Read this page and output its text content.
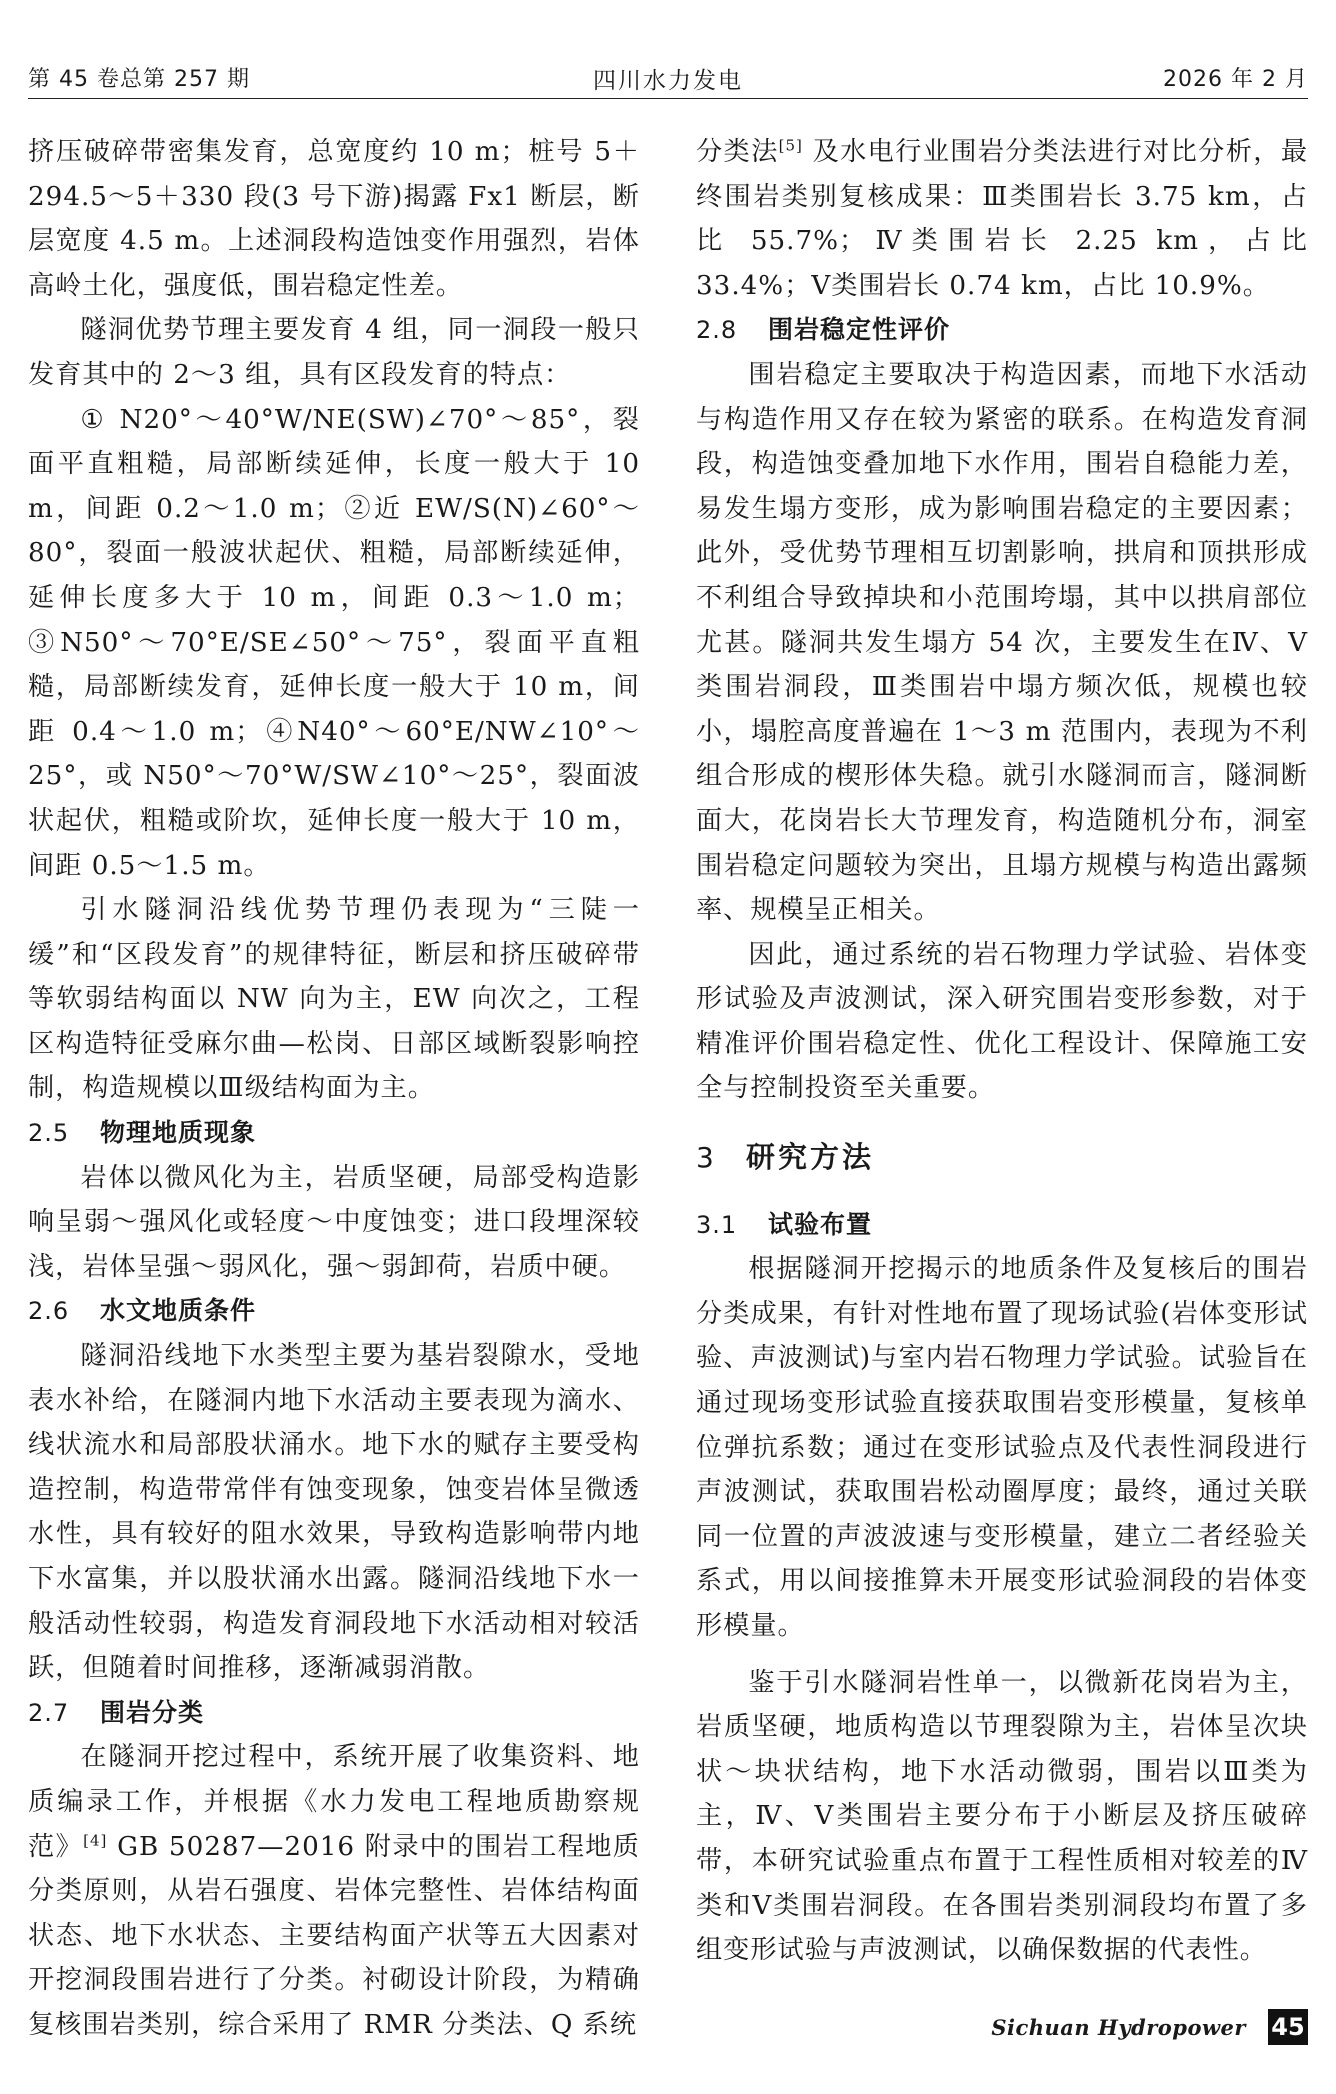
第 45 卷总第 257 期	四川水力发电	2026 年 2 月

挤压破碎带密集发育，总宽度约 10 m；桩号 5＋294.5～5＋330 段(3 号下游)揭露 Fx1 断层，断层宽度 4.5 m。上述洞段构造蚀变作用强烈，岩体高岭土化，强度低，围岩稳定性差。

隧洞优势节理主要发育 4 组，同一洞段一般只发育其中的 2～3 组，具有区段发育的特点：

① N20°～40°W/NE(SW)∠70°～85°，裂面平直粗糙，局部断续延伸，长度一般大于 10 m，间距 0.2～1.0 m；②近 EW/S(N)∠60°～80°，裂面一般波状起伏、粗糙，局部断续延伸，延伸长度多大于 10 m，间距 0.3～1.0 m；③N50°～70°E/SE∠50°～75°，裂面平直粗糙，局部断续发育，延伸长度一般大于 10 m，间距 0.4～1.0 m；④N40°～60°E/NW∠10°～25°，或 N50°～70°W/SW∠10°～25°，裂面波状起伏，粗糙或阶坎，延伸长度一般大于 10 m，间距 0.5～1.5 m。

引水隧洞沿线优势节理仍表现为“三陡一缓”和“区段发育”的规律特征，断层和挤压破碎带等软弱结构面以 NW 向为主，EW 向次之，工程区构造特征受麻尔曲—松岗、日部区域断裂影响控制，构造规模以Ⅲ级结构面为主。

2.5 物理地质现象

岩体以微风化为主，岩质坚硬，局部受构造影响呈弱～强风化或轻度～中度蚀变；进口段埋深较浅，岩体呈强～弱风化，强～弱卸荷，岩质中硬。

2.6 水文地质条件

隧洞沿线地下水类型主要为基岩裂隙水，受地表水补给，在隧洞内地下水活动主要表现为滴水、线状流水和局部股状涌水。地下水的赋存主要受构造控制，构造带常伴有蚀变现象，蚀变岩体呈微透水性，具有较好的阻水效果，导致构造影响带内地下水富集，并以股状涌水出露。隧洞沿线地下水一般活动性较弱，构造发育洞段地下水活动相对较活跃，但随着时间推移，逐渐减弱消散。

2.7 围岩分类

在隧洞开挖过程中，系统开展了收集资料、地质编录工作，并根据《水力发电工程地质勘察规范》[4] GB 50287—2016 附录中的围岩工程地质分类原则，从岩石强度、岩体完整性、岩体结构面状态、地下水状态、主要结构面产状等五大因素对开挖洞段围岩进行了分类。衬砌设计阶段，为精确复核围岩类别，综合采用了 RMR 分类法、Q 系统

分类法[5] 及水电行业围岩分类法进行对比分析，最终围岩类别复核成果：Ⅲ类围岩长 3.75 km，占比 55.7%；Ⅳ类围岩长 2.25 km，占比 33.4%；Ⅴ类围岩长 0.74 km，占比 10.9%。

2.8 围岩稳定性评价

围岩稳定主要取决于构造因素，而地下水活动与构造作用又存在较为紧密的联系。在构造发育洞段，构造蚀变叠加地下水作用，围岩自稳能力差，易发生塌方变形，成为影响围岩稳定的主要因素；此外，受优势节理相互切割影响，拱肩和顶拱形成不利组合导致掉块和小范围垮塌，其中以拱肩部位尤甚。隧洞共发生塌方 54 次，主要发生在Ⅳ、Ⅴ类围岩洞段，Ⅲ类围岩中塌方频次低，规模也较小，塌腔高度普遍在 1～3 m 范围内，表现为不利组合形成的楔形体失稳。就引水隧洞而言，隧洞断面大，花岗岩长大节理发育，构造随机分布，洞室围岩稳定问题较为突出，且塌方规模与构造出露频率、规模呈正相关。

因此，通过系统的岩石物理力学试验、岩体变形试验及声波测试，深入研究围岩变形参数，对于精准评价围岩稳定性、优化工程设计、保障施工安全与控制投资至关重要。

3 研究方法
3.1 试验布置

根据隧洞开挖揭示的地质条件及复核后的围岩分类成果，有针对性地布置了现场试验(岩体变形试验、声波测试)与室内岩石物理力学试验。试验旨在通过现场变形试验直接获取围岩变形模量，复核单位弹抗系数；通过在变形试验点及代表性洞段进行声波测试，获取围岩松动圈厚度；最终，通过关联同一位置的声波波速与变形模量，建立二者经验关系式，用以间接推算未开展变形试验洞段的岩体变形模量。

鉴于引水隧洞岩性单一，以微新花岗岩为主，岩质坚硬，地质构造以节理裂隙为主，岩体呈次块状～块状结构，地下水活动微弱，围岩以Ⅲ类为主，Ⅳ、Ⅴ类围岩主要分布于小断层及挤压破碎带，本研究试验重点布置于工程性质相对较差的Ⅳ类和Ⅴ类围岩洞段。在各围岩类别洞段均布置了多组变形试验与声波测试，以确保数据的代表性。

Sichuan Hydropower 45
